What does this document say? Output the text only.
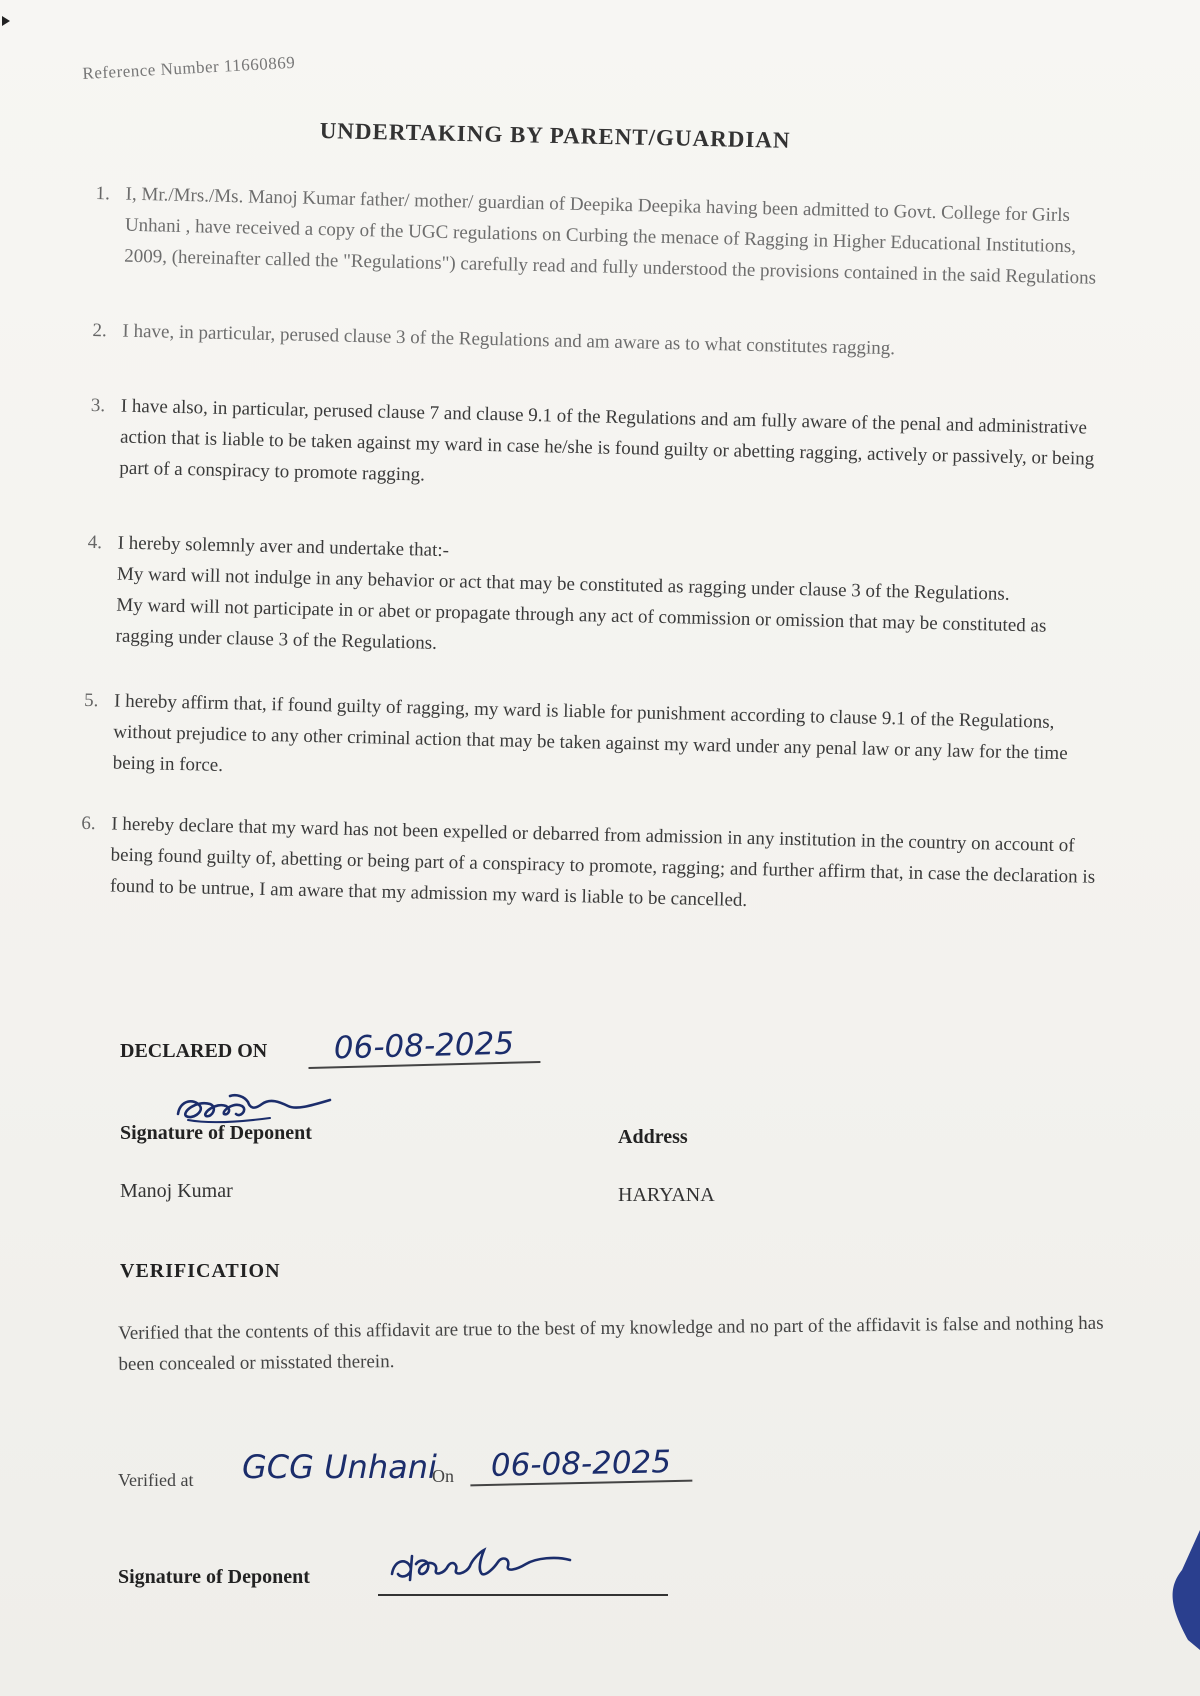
Reference Number 11660869
UNDERTAKING BY PARENT/GUARDIAN
1. I, Mr./Mrs./Ms. Manoj Kumar father/ mother/ guardian of Deepika Deepika having been admitted to Govt. College for Girls Unhani , have received a copy of the UGC regulations on Curbing the menace of Ragging in Higher Educational Institutions, 2009, (hereinafter called the "Regulations") carefully read and fully understood the provisions contained in the said Regulations
2. I have, in particular, perused clause 3 of the Regulations and am aware as to what constitutes ragging.
3. I have also, in particular, perused clause 7 and clause 9.1 of the Regulations and am fully aware of the penal and administrative action that is liable to be taken against my ward in case he/she is found guilty or abetting ragging, actively or passively, or being part of a conspiracy to promote ragging.
4. I hereby solemnly aver and undertake that:-
My ward will not indulge in any behavior or act that may be constituted as ragging under clause 3 of the Regulations.
My ward will not participate in or abet or propagate through any act of commission or omission that may be constituted as ragging under clause 3 of the Regulations.
5. I hereby affirm that, if found guilty of ragging, my ward is liable for punishment according to clause 9.1 of the Regulations, without prejudice to any other criminal action that may be taken against my ward under any penal law or any law for the time being in force.
6. I hereby declare that my ward has not been expelled or debarred from admission in any institution in the country on account of being found guilty of, abetting or being part of a conspiracy to promote, ragging; and further affirm that, in case the declaration is found to be untrue, I am aware that my admission my ward is liable to be cancelled.
DECLARED ON	06-08-2025
Signature of Deponent	Address
Manoj Kumar	HARYANA
VERIFICATION
Verified that the contents of this affidavit are true to the best of my knowledge and no part of the affidavit is false and nothing has been concealed or misstated therein.
Verified at GCG Unhani
On	06-08-2025
Signature of Deponent
